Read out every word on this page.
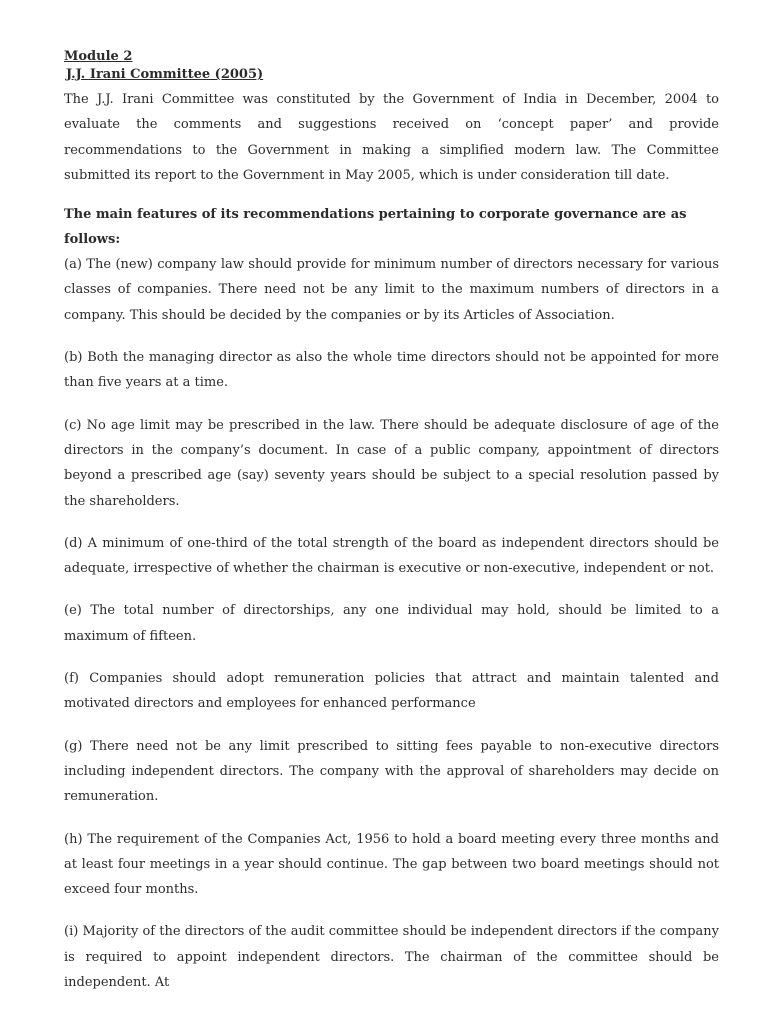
Module 2

J.J. Irani Committee (2005)

The J.J. Irani Committee was constituted by the Government of India in December, 2004 to evaluate the comments and suggestions received on ‘concept paper’ and provide recommendations to the Government in making a simplified modern law. The Committee submitted its report to the Government in May 2005, which is under consideration till date.

The main features of its recommendations pertaining to corporate governance are as follows:

(a) The (new) company law should provide for minimum number of directors necessary for various classes of companies. There need not be any limit to the maximum numbers of directors in a company. This should be decided by the companies or by its Articles of Association.

(b) Both the managing director as also the whole time directors should not be appointed for more than five years at a time.

(c) No age limit may be prescribed in the law. There should be adequate disclosure of age of the directors in the company’s document. In case of a public company, appointment of directors beyond a prescribed age (say) seventy years should be subject to a special resolution passed by the shareholders.

(d) A minimum of one-third of the total strength of the board as independent directors should be adequate, irrespective of whether the chairman is executive or non-executive, independent or not.

(e) The total number of directorships, any one individual may hold, should be limited to a maximum of fifteen.

(f) Companies should adopt remuneration policies that attract and maintain talented and motivated directors and employees for enhanced performance

(g) There need not be any limit prescribed to sitting fees payable to non-executive directors including independent directors. The company with the approval of shareholders may decide on remuneration.

(h) The requirement of the Companies Act, 1956 to hold a board meeting every three months and at least four meetings in a year should continue. The gap between two board meetings should not exceed four months.

(i) Majority of the directors of the audit committee should be independent directors if the company is required to appoint independent directors. The chairman of the committee should be independent. At
